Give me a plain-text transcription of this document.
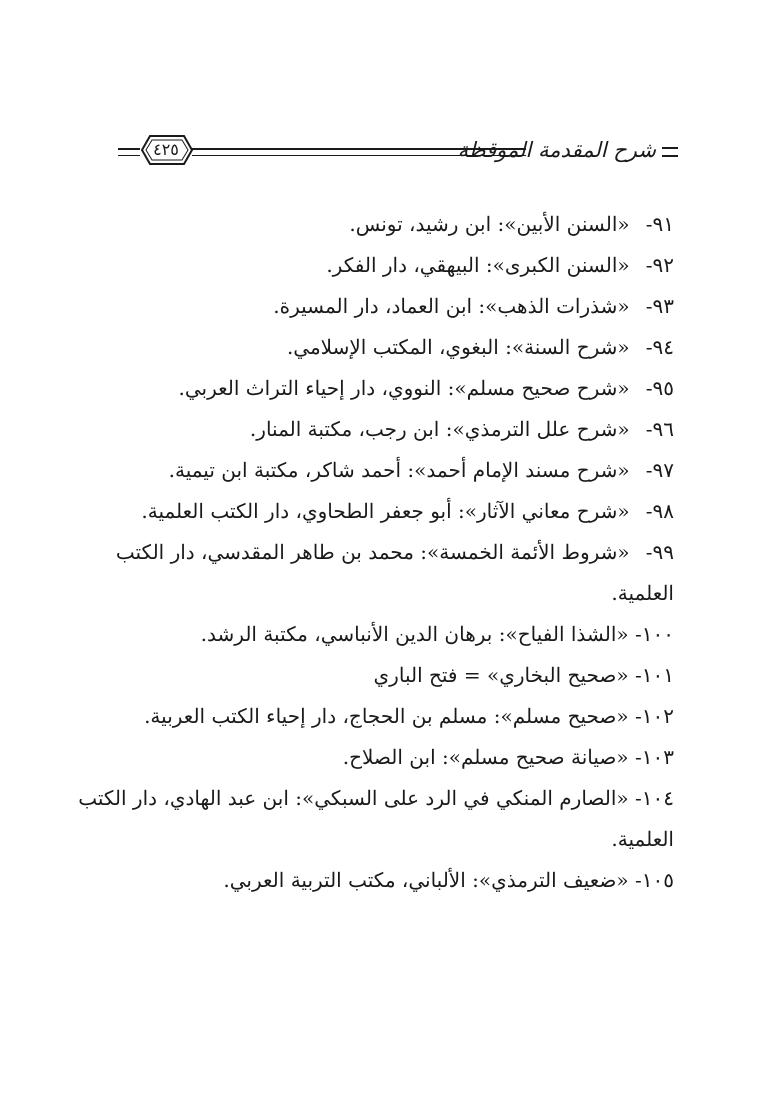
شرح المقدمة الموقظة
٤٢٥
٩١- «السنن الأبين»: ابن رشيد، تونس.
٩٢- «السنن الكبرى»: البيهقي، دار الفكر.
٩٣- «شذرات الذهب»: ابن العماد، دار المسيرة.
٩٤- «شرح السنة»: البغوي، المكتب الإسلامي.
٩٥- «شرح صحيح مسلم»: النووي، دار إحياء التراث العربي.
٩٦- «شرح علل الترمذي»: ابن رجب، مكتبة المنار.
٩٧- «شرح مسند الإمام أحمد»: أحمد شاكر، مكتبة ابن تيمية.
٩٨- «شرح معاني الآثار»: أبو جعفر الطحاوي، دار الكتب العلمية.
٩٩- «شروط الأئمة الخمسة»: محمد بن طاهر المقدسي، دار الكتب العلمية.
١٠٠- «الشذا الفياح»: برهان الدين الأنباسي، مكتبة الرشد.
١٠١- «صحيح البخاري» = فتح الباري
١٠٢- «صحيح مسلم»: مسلم بن الحجاج، دار إحياء الكتب العربية.
١٠٣- «صيانة صحيح مسلم»: ابن الصلاح.
١٠٤- «الصارم المنكي في الرد على السبكي»: ابن عبد الهادي، دار الكتب العلمية.
١٠٥- «ضعيف الترمذي»: الألباني، مكتب التربية العربي.
